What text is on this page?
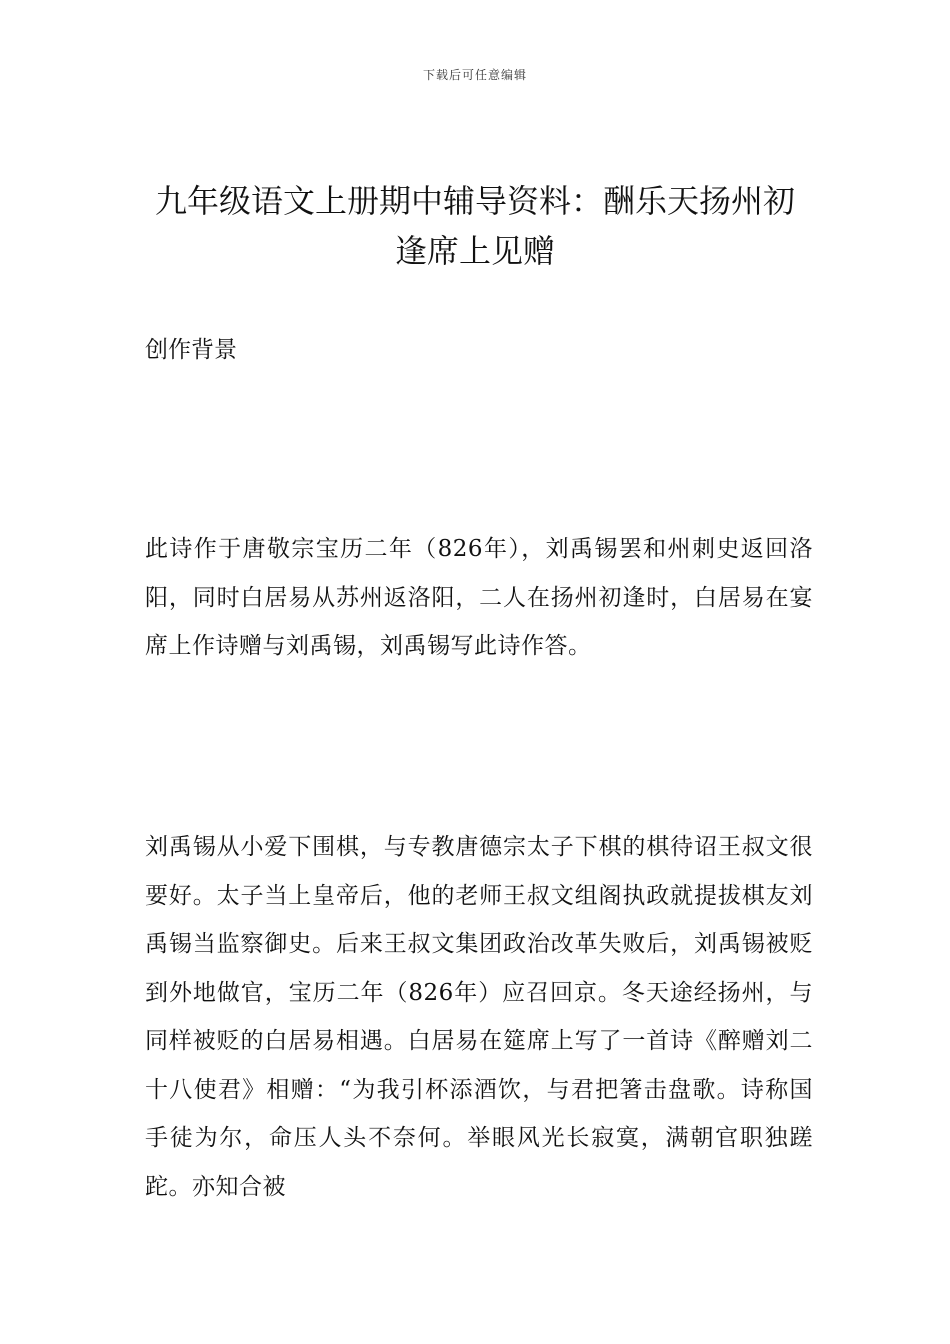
下载后可任意编辑
九年级语文上册期中辅导资料：酬乐天扬州初逢席上见赠
创作背景

此诗作于唐敬宗宝历二年（826年），刘禹锡罢和州刺史返回洛阳，同时白居易从苏州返洛阳，二人在扬州初逢时，白居易在宴席上作诗赠与刘禹锡，刘禹锡写此诗作答。

刘禹锡从小爱下围棋，与专教唐德宗太子下棋的棋待诏王叔文很要好。太子当上皇帝后，他的老师王叔文组阁执政就提拔棋友刘禹锡当监察御史。后来王叔文集团政治改革失败后，刘禹锡被贬到外地做官，宝历二年（826年）应召回京。冬天途经扬州，与同样被贬的白居易相遇。白居易在筵席上写了一首诗《醉赠刘二十八使君》相赠：“为我引杯添酒饮，与君把箸击盘歌。诗称国手徒为尔，命压人头不奈何。举眼风光长寂寞，满朝官职独蹉跎。亦知合被
